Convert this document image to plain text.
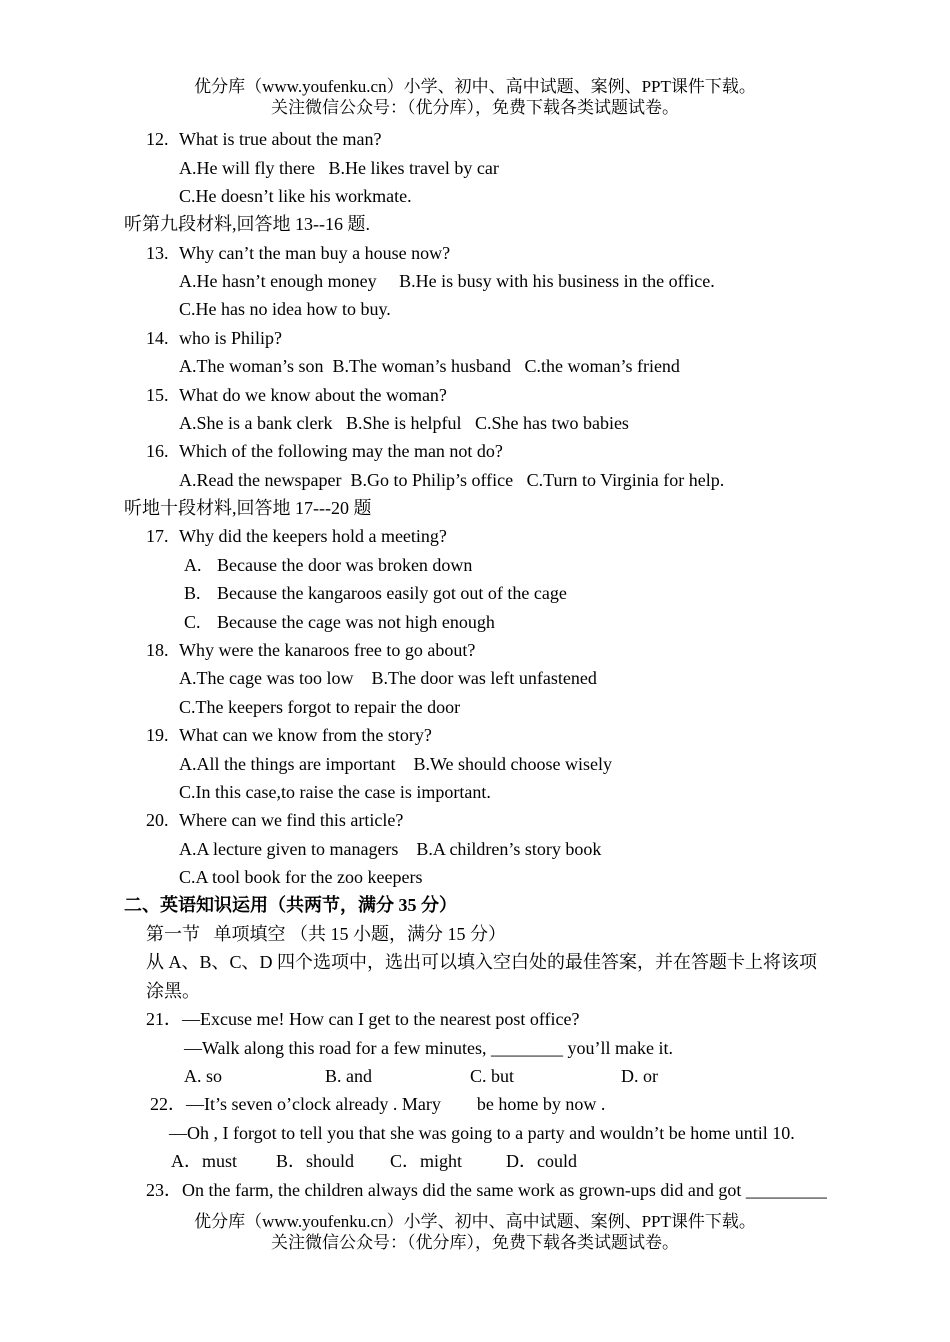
优分库（www.youfenku.cn）小学、初中、高中试题、案例、PPT课件下载。
关注微信公众号：（优分库），免费下载各类试题试卷。
12. What is true about the man?
A.He will fly there   B.He likes travel by car
C.He doesn’t like his workmate.
听第九段材料,回答地 13--16 题.
13. Why can’t the man buy a house now?
A.He hasn’t enough money     B.He is busy with his business in the office.
C.He has no idea how to buy.
14. who is Philip?
A.The woman’s son  B.The woman’s husband   C.the woman’s friend
15. What do we know about the woman?
A.She is a bank clerk   B.She is helpful   C.She has two babies
16. Which of the following may the man not do?
A.Read the newspaper  B.Go to Philip’s office   C.Turn to Virginia for help.
听地十段材料,回答地 17---20 题
17. Why did the keepers hold a meeting?
A. Because the door was broken down
B. Because the kangaroos easily got out of the cage
C. Because the cage was not high enough
18. Why were the kanaroos free to go about?
A.The cage was too low    B.The door was left unfastened
C.The keepers forgot to repair the door
19. What can we know from the story?
A.All the things are important    B.We should choose wisely
C.In this case,to raise the case is important.
20. Where can we find this article?
A.A lecture given to managers    B.A children’s story book
C.A tool book for the zoo keepers
二、英语知识运用（共两节，满分 35 分）
第一节   单项填空 （共 15 小题，满分 15 分）
从 A、B、C、D 四个选项中，选出可以填入空白处的最佳答案，并在答题卡上将该项
涂黑。
21．—Excuse me! How can I get to the nearest post office?
—Walk along this road for a few minutes, ________ you’ll make it.
A. so	B. and	C. but	D. or
22．—It’s seven o’clock already . Mary        be home by now .
—Oh , I forgot to tell you that she was going to a party and wouldn’t be home until 10.
A．must B．should C．might D．could
23．On the farm, the children always did the same work as grown-ups did and got _________
优分库（www.youfenku.cn）小学、初中、高中试题、案例、PPT课件下载。
关注微信公众号：（优分库），免费下载各类试题试卷。
